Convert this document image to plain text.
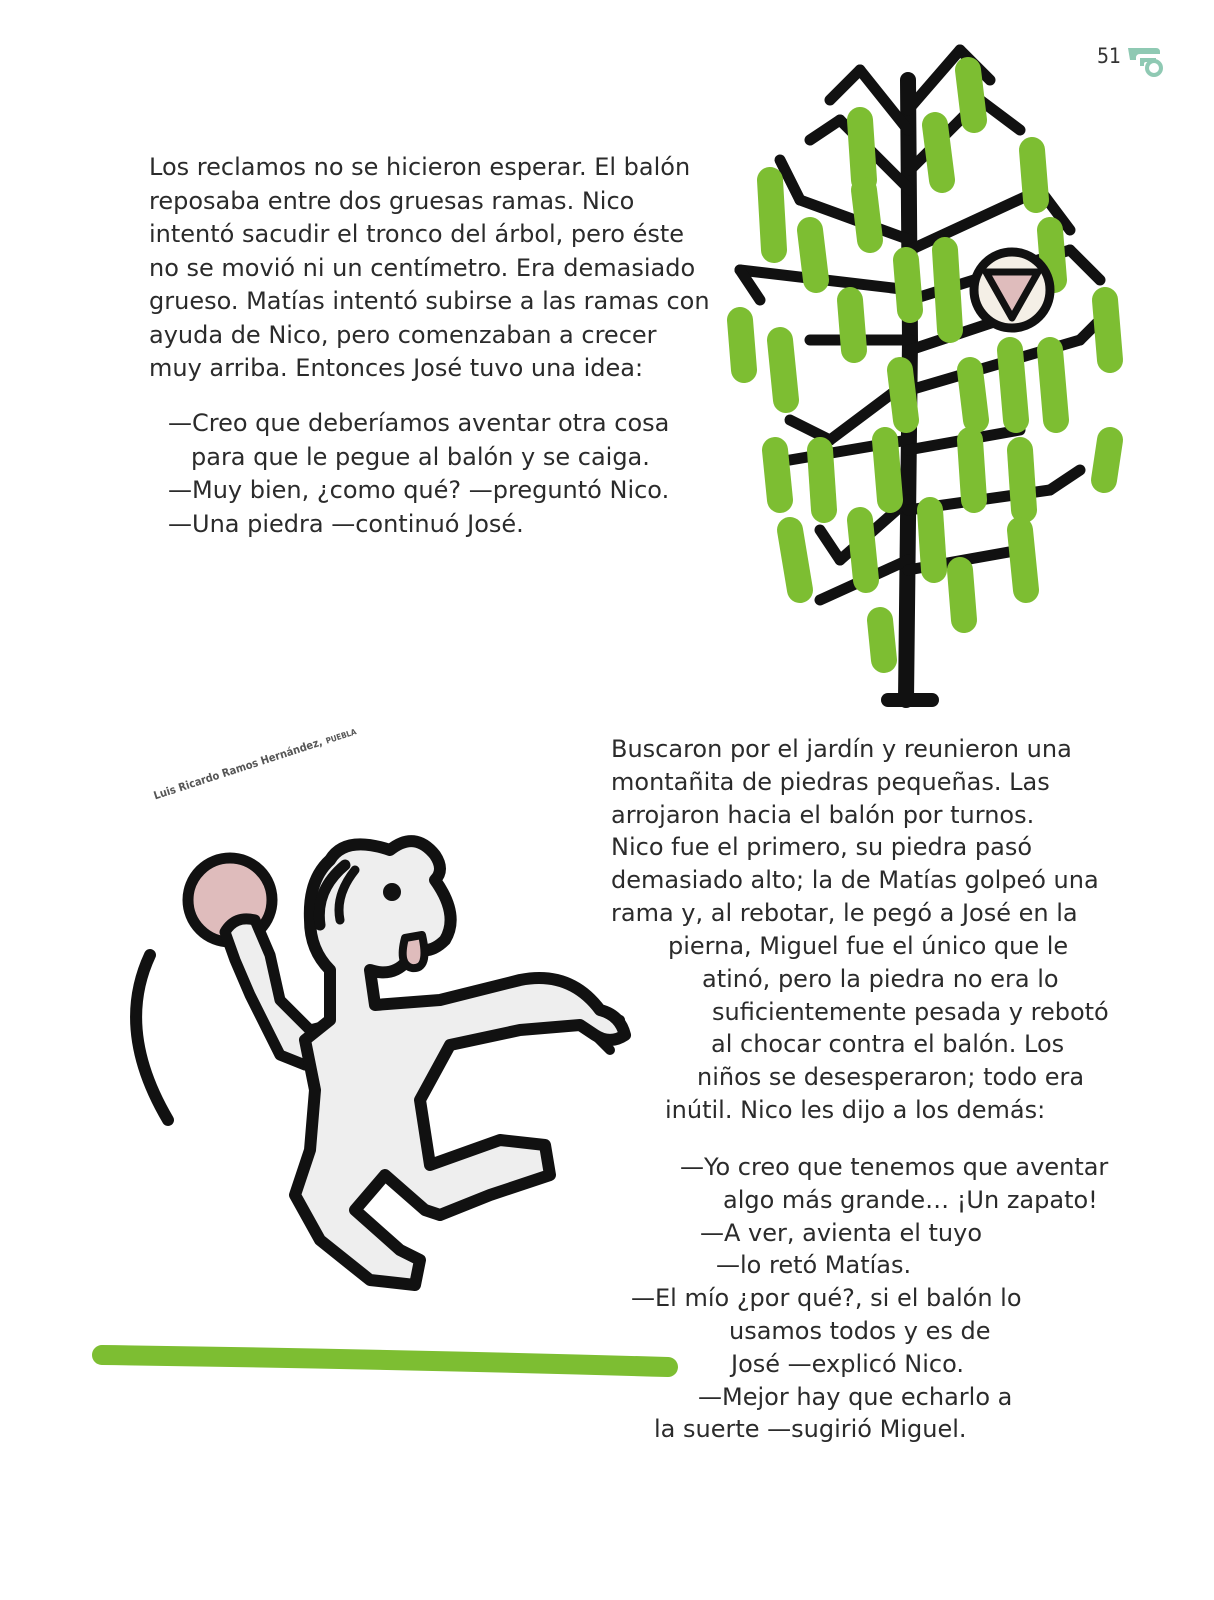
51

Los reclamos no se hicieron esperar. El balón

reposaba entre dos gruesas ramas. Nico

intentó sacudir el tronco del árbol, pero éste

no se movió ni un centímetro. Era demasiado

grueso. Matías intentó subirse a las ramas con

ayuda de Nico, pero comenzaban a crecer

muy arriba. Entonces José tuvo una idea:

—Creo que deberíamos aventar otra cosa

para que le pegue al balón y se caiga.

—Muy bien, ¿como qué? —preguntó Nico.

—Una piedra —continuó José.

Luis Ricardo Ramos Hernández,PUEBLA	Buscaron por el jardín y reunieron una

montañita de piedras pequeñas. Las

arrojaron hacia el balón por turnos.

Nico fue el primero, su piedra pasó

demasiado alto; la de Matías golpeó una

rama y, al rebotar, le pegó a José en la

pierna, Miguel fue el único que le

atinó, pero la piedra no era lo

suficientemente pesada y rebotó

al chocar contra el balón. Los

niños se desesperaron; todo era

inútil. Nico les dijo a los demás:

—Yo creo que tenemos que aventar

algo más grande… ¡Un zapato!

—A ver, avienta el tuyo

—lo retó Matías.

—El mío ¿por qué?, si el balón lo

usamos todos y es de

José —explicó Nico.

—Mejor hay que echarlo a

la suerte —sugirió Miguel.
